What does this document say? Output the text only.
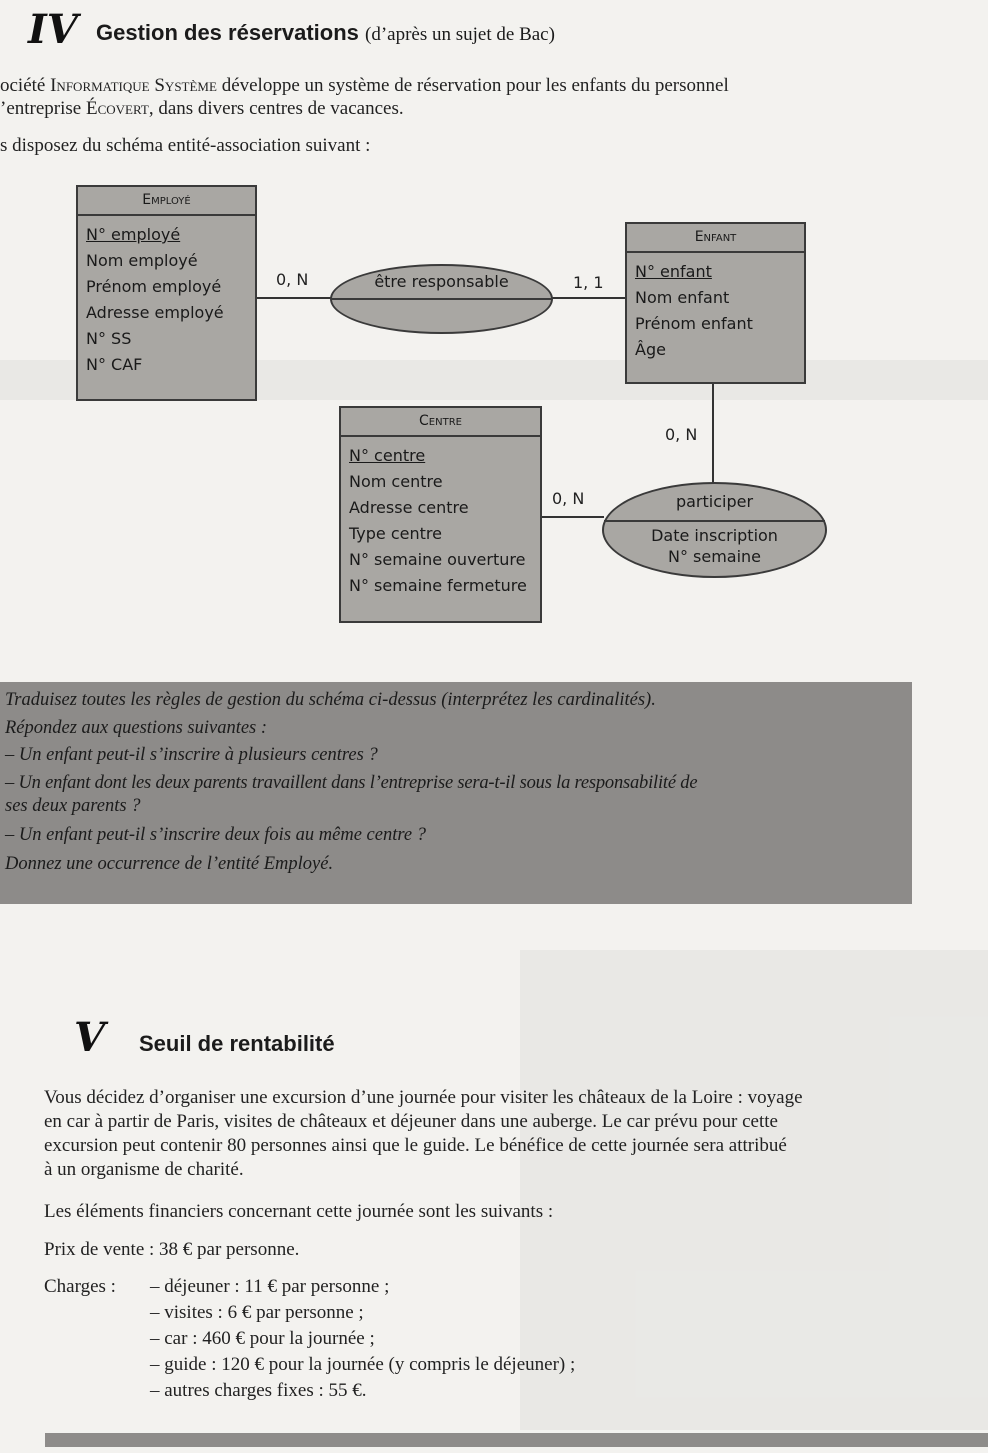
IV Gestion des réservations (d’après un sujet de Bac)
ociété Informatique Système développe un système de réservation pour les enfants du personnel
’entreprise Écovert, dans divers centres de vacances.
s disposez du schéma entité-association suivant :
Employé
N° employé
Nom employé
Prénom employé
Adresse employé
N° SS
N° CAF
Enfant
N° enfant
Nom enfant
Prénom enfant
Âge
Centre
N° centre
Nom centre
Adresse centre
Type centre
N° semaine ouverture
N° semaine fermeture
être responsable
participer
Date inscription
N° semaine
0, N	1, 1
0, N
0, N
Traduisez toutes les règles de gestion du schéma ci-dessus (interprétez les cardinalités).
Répondez aux questions suivantes :
– Un enfant peut-il s’inscrire à plusieurs centres ?
– Un enfant dont les deux parents travaillent dans l’entreprise sera-t-il sous la responsabilité de
ses deux parents ?
– Un enfant peut-il s’inscrire deux fois au même centre ?
Donnez une occurrence de l’entité Employé.
V Seuil de rentabilité
Vous décidez d’organiser une excursion d’une journée pour visiter les châteaux de la Loire : voyage
en car à partir de Paris, visites de châteaux et déjeuner dans une auberge. Le car prévu pour cette
excursion peut contenir 80 personnes ainsi que le guide. Le bénéfice de cette journée sera attribué
à un organisme de charité.
Les éléments financiers concernant cette journée sont les suivants :
Prix de vente : 38 € par personne.
Charges : – déjeuner : 11 € par personne ;
– visites : 6 € par personne ;
– car : 460 € pour la journée ;
– guide : 120 € pour la journée (y compris le déjeuner) ;
– autres charges fixes : 55 €.
